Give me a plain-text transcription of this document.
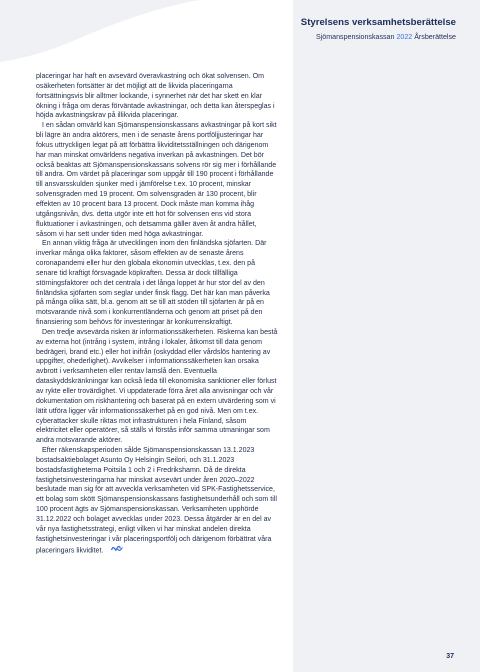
Styrelsens verksamhetsberättelse
Sjömanspensionskassan 2022 Årsberättelse

placeringar har haft en avsevärd överavkastning och ökat solvensen. Om osäkerheten fortsätter är det möjligt att de likvida placeringarna fortsättningsvis blir alltmer lockande, i synnerhet när det har skett en klar ökning i fråga om deras förväntade avkastningar, och detta kan återspeglas i höjda avkastningskrav på illikvida placeringar.

I en sådan omvärld kan Sjömanspensionskassans avkastningar på kort sikt bli lägre än andra aktörers, men i de senaste årens portföljjusteringar har fokus uttryckligen legat på att förbättra likviditetsställningen och därigenom har man minskat omvärldens negativa inverkan på avkastningen. Det bör också beaktas att Sjömanspensionskassans solvens rör sig mer i förhållande till andra. Om värdet på placeringar som uppgår till 190 procent i förhållande till ansvarsskulden sjunker med i jämförelse t.ex. 10 procent, minskar solvensgraden med 19 procent. Om solvensgraden är 130 procent, blir effekten av 10 procent bara 13 procent. Dock måste man komma ihåg utgångsnivån, dvs. detta utgör inte ett hot för solvensen ens vid stora fluktuationer i avkastningen, och detsamma gäller även åt andra hållet, såsom vi har sett under tiden med höga avkastningar.

En annan viktig fråga är utvecklingen inom den finländska sjöfarten. Där inverkar många olika faktorer, såsom effekten av de senaste årens coronapandemi eller hur den globala ekonomin utvecklas, t.ex. den på senare tid kraftigt försvagade köpkraften. Dessa är dock tillfälliga störningsfaktorer och det centrala i det långa loppet är hur stor del av den finländska sjöfarten som seglar under finsk flagg. Det här kan man påverka på många olika sätt, bl.a. genom att se till att stöden till sjöfarten är på en motsvarande nivå som i konkurrentländerna och genom att priset på den finansiering som behövs för investeringar är konkurrenskraftigt.

Den tredje avsevärda risken är informationssäkerheten. Riskerna kan bestå av externa hot (intrång i system, intrång i lokaler, åtkomst till data genom bedrägeri, brand etc.) eller hot inifrån (oskyddad eller vårdslös hantering av uppgifter, ohederlighet). Avvikelser i informationssäkerheten kan orsaka avbrott i verksamheten eller rentav lamslå den. Eventuella dataskyddskränkningar kan också leda till ekonomiska sanktioner eller förlust av rykte eller trovärdighet. Vi uppdaterade förra året alla anvisningar och vår dokumentation om riskhantering och baserat på en extern utvärdering som vi lätit utföra ligger vår informationssäkerhet på en god nivå. Men om t.ex. cyberattacker skulle riktas mot infrastrukturen i hela Finland, såsom elektricitet eller operatörer, så ställs vi förstås inför samma utmaningar som andra motsvarande aktörer.

Efter räkenskapsperioden sålde Sjömanspensionskassan 13.1.2023 bostadsaktiebolaget Asunto Oy Helsingin Seilori, och 31.1.2023 bostadsfastigheterna Poitsila 1 och 2 i Fredrikshamn. Då de direkta fastighetsinvesteringarna har minskat avsevärt under åren 2020–2022 beslutade man sig för att avveckla verksamheten vid SPK-Fastighetsservice, ett bolag som skött Sjömanspensionskassans fastighetsunderhåll och som till 100 procent ägts av Sjömanspensionskassan. Verksamheten upphörde 31.12.2022 och bolaget avvecklas under 2023. Dessa åtgärder är en del av vår nya fastighetsstrategi, enligt vilken vi har minskat andelen direkta fastighetsinvesteringar i vår placeringsportfölj och därigenom förbättrat våra placeringars likviditet.

37
